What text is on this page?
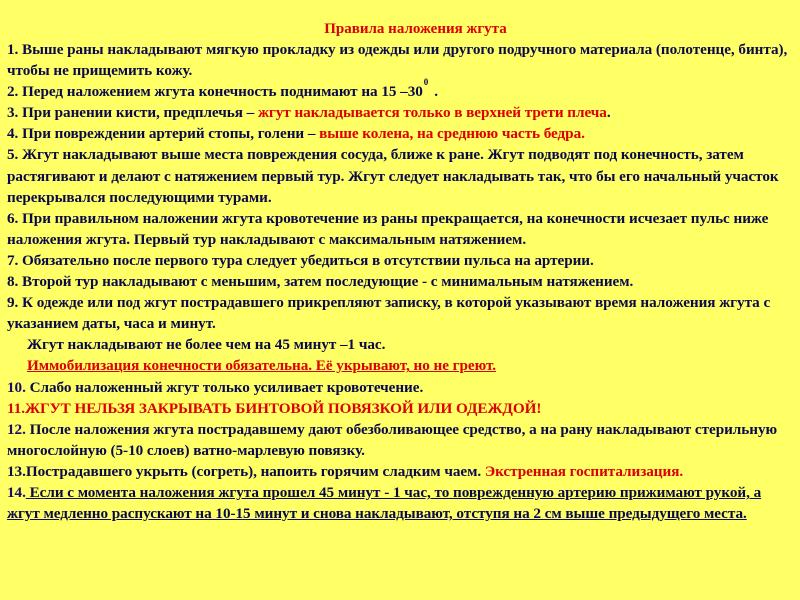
Правила наложения жгута

1. Выше раны накладывают мягкую прокладку из одежды или другого подручного материала (полотенце, бинта), чтобы не прищемить кожу.

2. Перед наложением жгута конечность поднимают на 15 $-30^0$.

3. При ранении кисти, предплечья – жгут накладывается только в верхней трети плеча.

4. При повреждении артерий стопы, голени – выше колена, на среднюю часть бедра.

5. Жгут накладывают выше места повреждения сосуда, ближе к ране. Жгут подводят под конечность, затем растягивают и делают с натяжением первый тур. Жгут следует накладывать так, что бы его начальный участок перекрывался последующими турами.

6. При правильном наложении жгута кровотечение из раны прекращается, на конечности исчезает пульс ниже наложения жгута. Первый тур накладывают с максимальным натяжением.

7. Обязательно после первого тура следует убедиться в отсутствии пульса на артерии.

8. Второй тур накладывают с меньшим, затем последующие - с минимальным натяжением.

9. К одежде или под жгут пострадавшего прикрепляют записку, в которой указывают время наложения жгута с указанием даты, часа и минут.

Жгут накладывают не более чем на 45 минут –1 час.

Иммобилизация конечности обязательна. Её укрывают, но не греют.

10. Слабо наложенный жгут только усиливает кровотечение.

11.ЖГУТ НЕЛЬЗЯ ЗАКРЫВАТЬ БИНТОВОЙ ПОВЯЗКОЙ ИЛИ ОДЕЖДОЙ!

12. После наложения жгута пострадавшему дают обезболивающее средство, а на рану накладывают стерильную многослойную (5-10 слоев) ватно-марлевую повязку.

13.Пострадавшего укрыть (согреть), напоить горячим сладким чаем. Экстренная госпитализация.

14. Если с момента наложения жгута прошел 45 минут - 1 час, то поврежденную артерию прижимают рукой, а жгут медленно распускают на 10-15 минут и снова накладывают, отступя на 2 см выше предыдущего места.
